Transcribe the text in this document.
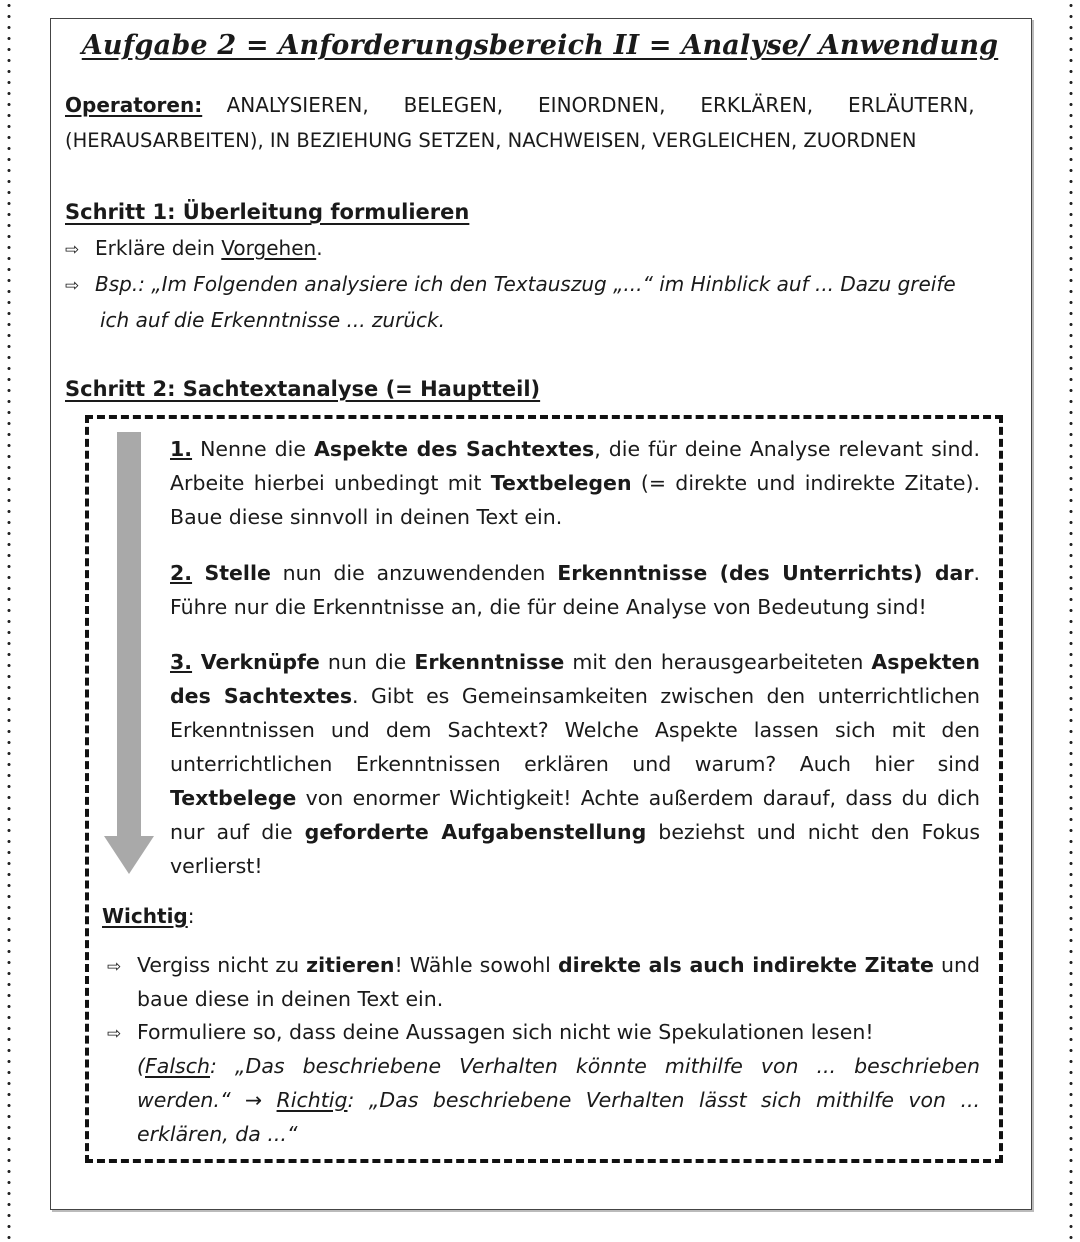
Aufgabe 2 = Anforderungsbereich II = Analyse/ Anwendung
Operatoren: ANALYSIEREN, BELEGEN, EINORDNEN, ERKLÄREN, ERLÄUTERN,
(HERAUSARBEITEN), IN BEZIEHUNG SETZEN, NACHWEISEN, VERGLEICHEN, ZUORDNEN
Schritt 1: Überleitung formulieren
⇨ Erkläre dein Vorgehen.
⇨ Bsp.: „Im Folgenden analysiere ich den Textauszug „...“ im Hinblick auf ... Dazu greife
ich auf die Erkenntnisse ... zurück.
Schritt 2: Sachtextanalyse (= Hauptteil)
1. Nenne die Aspekte des Sachtextes, die für deine Analyse relevant sind. Arbeite hierbei unbedingt mit Textbelegen (= direkte und indirekte Zitate). Baue diese sinnvoll in deinen Text ein.
2. Stelle nun die anzuwendenden Erkenntnisse (des Unterrichts) dar. Führe nur die Erkenntnisse an, die für deine Analyse von Bedeutung sind!
3. Verknüpfe nun die Erkenntnisse mit den herausgearbeiteten Aspekten des Sachtextes. Gibt es Gemeinsamkeiten zwischen den unterrichtlichen Erkenntnissen und dem Sachtext? Welche Aspekte lassen sich mit den unterrichtlichen Erkenntnissen erklären und warum? Auch hier sind Textbelege von enormer Wichtigkeit! Achte außerdem darauf, dass du dich nur auf die geforderte Aufgabenstellung beziehst und nicht den Fokus verlierst!
Wichtig:
⇨ Vergiss nicht zu zitieren! Wähle sowohl direkte als auch indirekte Zitate und baue diese in deinen Text ein.
⇨ Formuliere so, dass deine Aussagen sich nicht wie Spekulationen lesen!
(Falsch: „Das beschriebene Verhalten könnte mithilfe von ... beschrieben werden.“ → Richtig: „Das beschriebene Verhalten lässt sich mithilfe von ... erklären, da ...“
